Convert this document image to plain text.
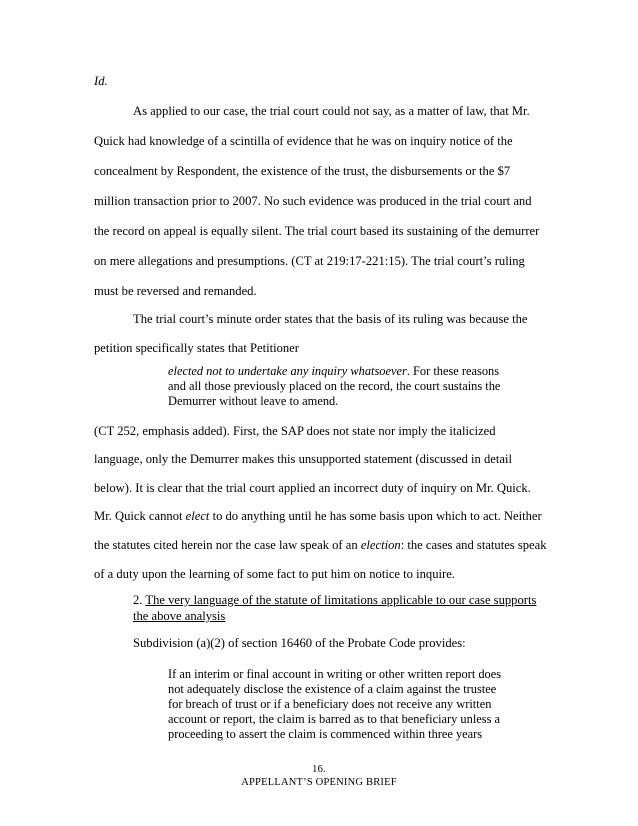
Id.
As applied to our case, the trial court could not say, as a matter of law, that Mr.
Quick had knowledge of a scintilla of evidence that he was on inquiry notice of the
concealment by Respondent, the existence of the trust, the disbursements or the $7
million transaction prior to 2007. No such evidence was produced in the trial court and
the record on appeal is equally silent. The trial court based its sustaining of the demurrer
on mere allegations and presumptions. (CT at 219:17-221:15). The trial court’s ruling
must be reversed and remanded.
The trial court’s minute order states that the basis of its ruling was because the
petition specifically states that Petitioner
elected not to undertake any inquiry whatsoever. For these reasons
and all those previously placed on the record, the court sustains the
Demurrer without leave to amend.
(CT 252, emphasis added). First, the SAP does not state nor imply the italicized
language, only the Demurrer makes this unsupported statement (discussed in detail
below). It is clear that the trial court applied an incorrect duty of inquiry on Mr. Quick.
Mr. Quick cannot elect to do anything until he has some basis upon which to act. Neither
the statutes cited herein nor the case law speak of an election: the cases and statutes speak
of a duty upon the learning of some fact to put him on notice to inquire.
2. The very language of the statute of limitations applicable to our case supports
the above analysis
Subdivision (a)(2) of section 16460 of the Probate Code provides:
If an interim or final account in writing or other written report does
not adequately disclose the existence of a claim against the trustee
for breach of trust or if a beneficiary does not receive any written
account or report, the claim is barred as to that beneficiary unless a
proceeding to assert the claim is commenced within three years
16.
APPELLANT’S OPENING BRIEF
